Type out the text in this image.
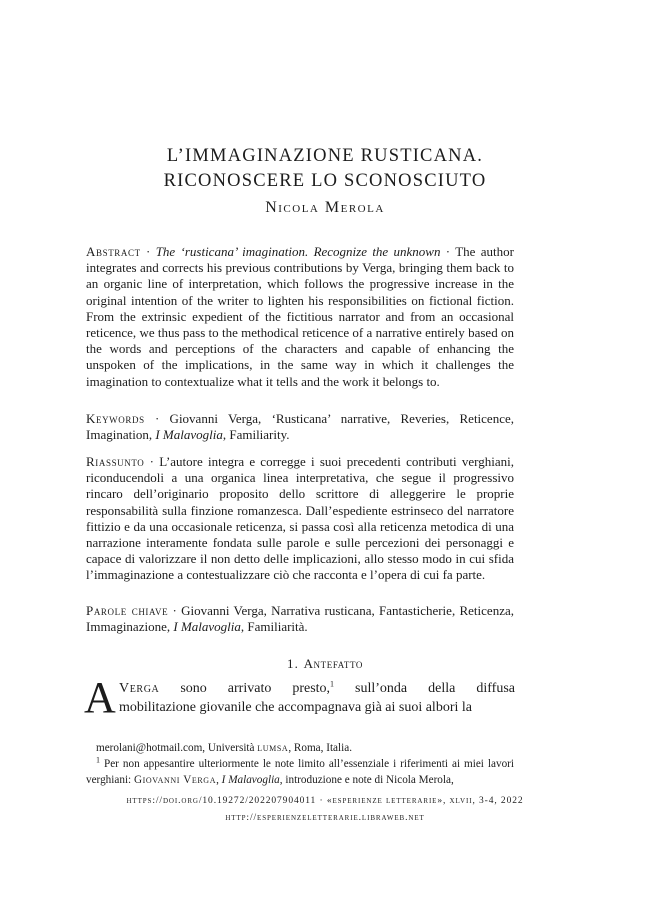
L’IMMAGINAZIONE RUSTICANA.
RICONOSCERE LO SCONOSCIUTO
Nicola Merola
Abstract · The ‘rusticana’ imagination. Recognize the unknown · The author integrates and corrects his previous contributions by Verga, bringing them back to an organic line of interpretation, which follows the progressive increase in the original intention of the writer to lighten his responsibilities on fictional fiction. From the extrinsic expedient of the fictitious narrator and from an occasional reticence, we thus pass to the methodical reticence of a narrative entirely based on the words and perceptions of the characters and capable of enhancing the unspoken of the implications, in the same way in which it challenges the imagination to contextualize what it tells and the work it belongs to.
Keywords · Giovanni Verga, ‘Rusticana’ narrative, Reveries, Reticence, Imagination, I Malavoglia, Familiarity.
Riassunto · L’autore integra e corregge i suoi precedenti contributi verghiani, riconducendoli a una organica linea interpretativa, che segue il progressivo rincaro dell’originario proposito dello scrittore di alleggerire le proprie responsabilità sulla finzione romanzesca. Dall’espediente estrinseco del narratore fittizio e da una occasionale reticenza, si passa così alla reticenza metodica di una narrazione interamente fondata sulle parole e sulle percezioni dei personaggi e capace di valorizzare il non detto delle implicazioni, allo stesso modo in cui sfida l’immaginazione a contestualizzare ciò che racconta e l’opera di cui fa parte.
Parole chiave · Giovanni Verga, Narrativa rusticana, Fantasticherie, Reticenza, Immaginazione, I Malavoglia, Familiarità.
1. Antefatto
A Verga sono arrivato presto,$^1$ sull’onda della diffusa
mobilitazione giovanile che accompagnava già ai suoi albori la
merolani@hotmail.com, Università lumsa, Roma, Italia.
$^1$ Per non appesantire ulteriormente le note limito all’essenziale i riferimenti ai miei lavori verghiani: Giovanni Verga, I Malavoglia, introduzione e note di Nicola Merola,
https://doi.org/10.19272/202207904011 · «esperienze letterarie», xlvii, 3-4, 2022
http://esperienzeletterarie.libraweb.net
